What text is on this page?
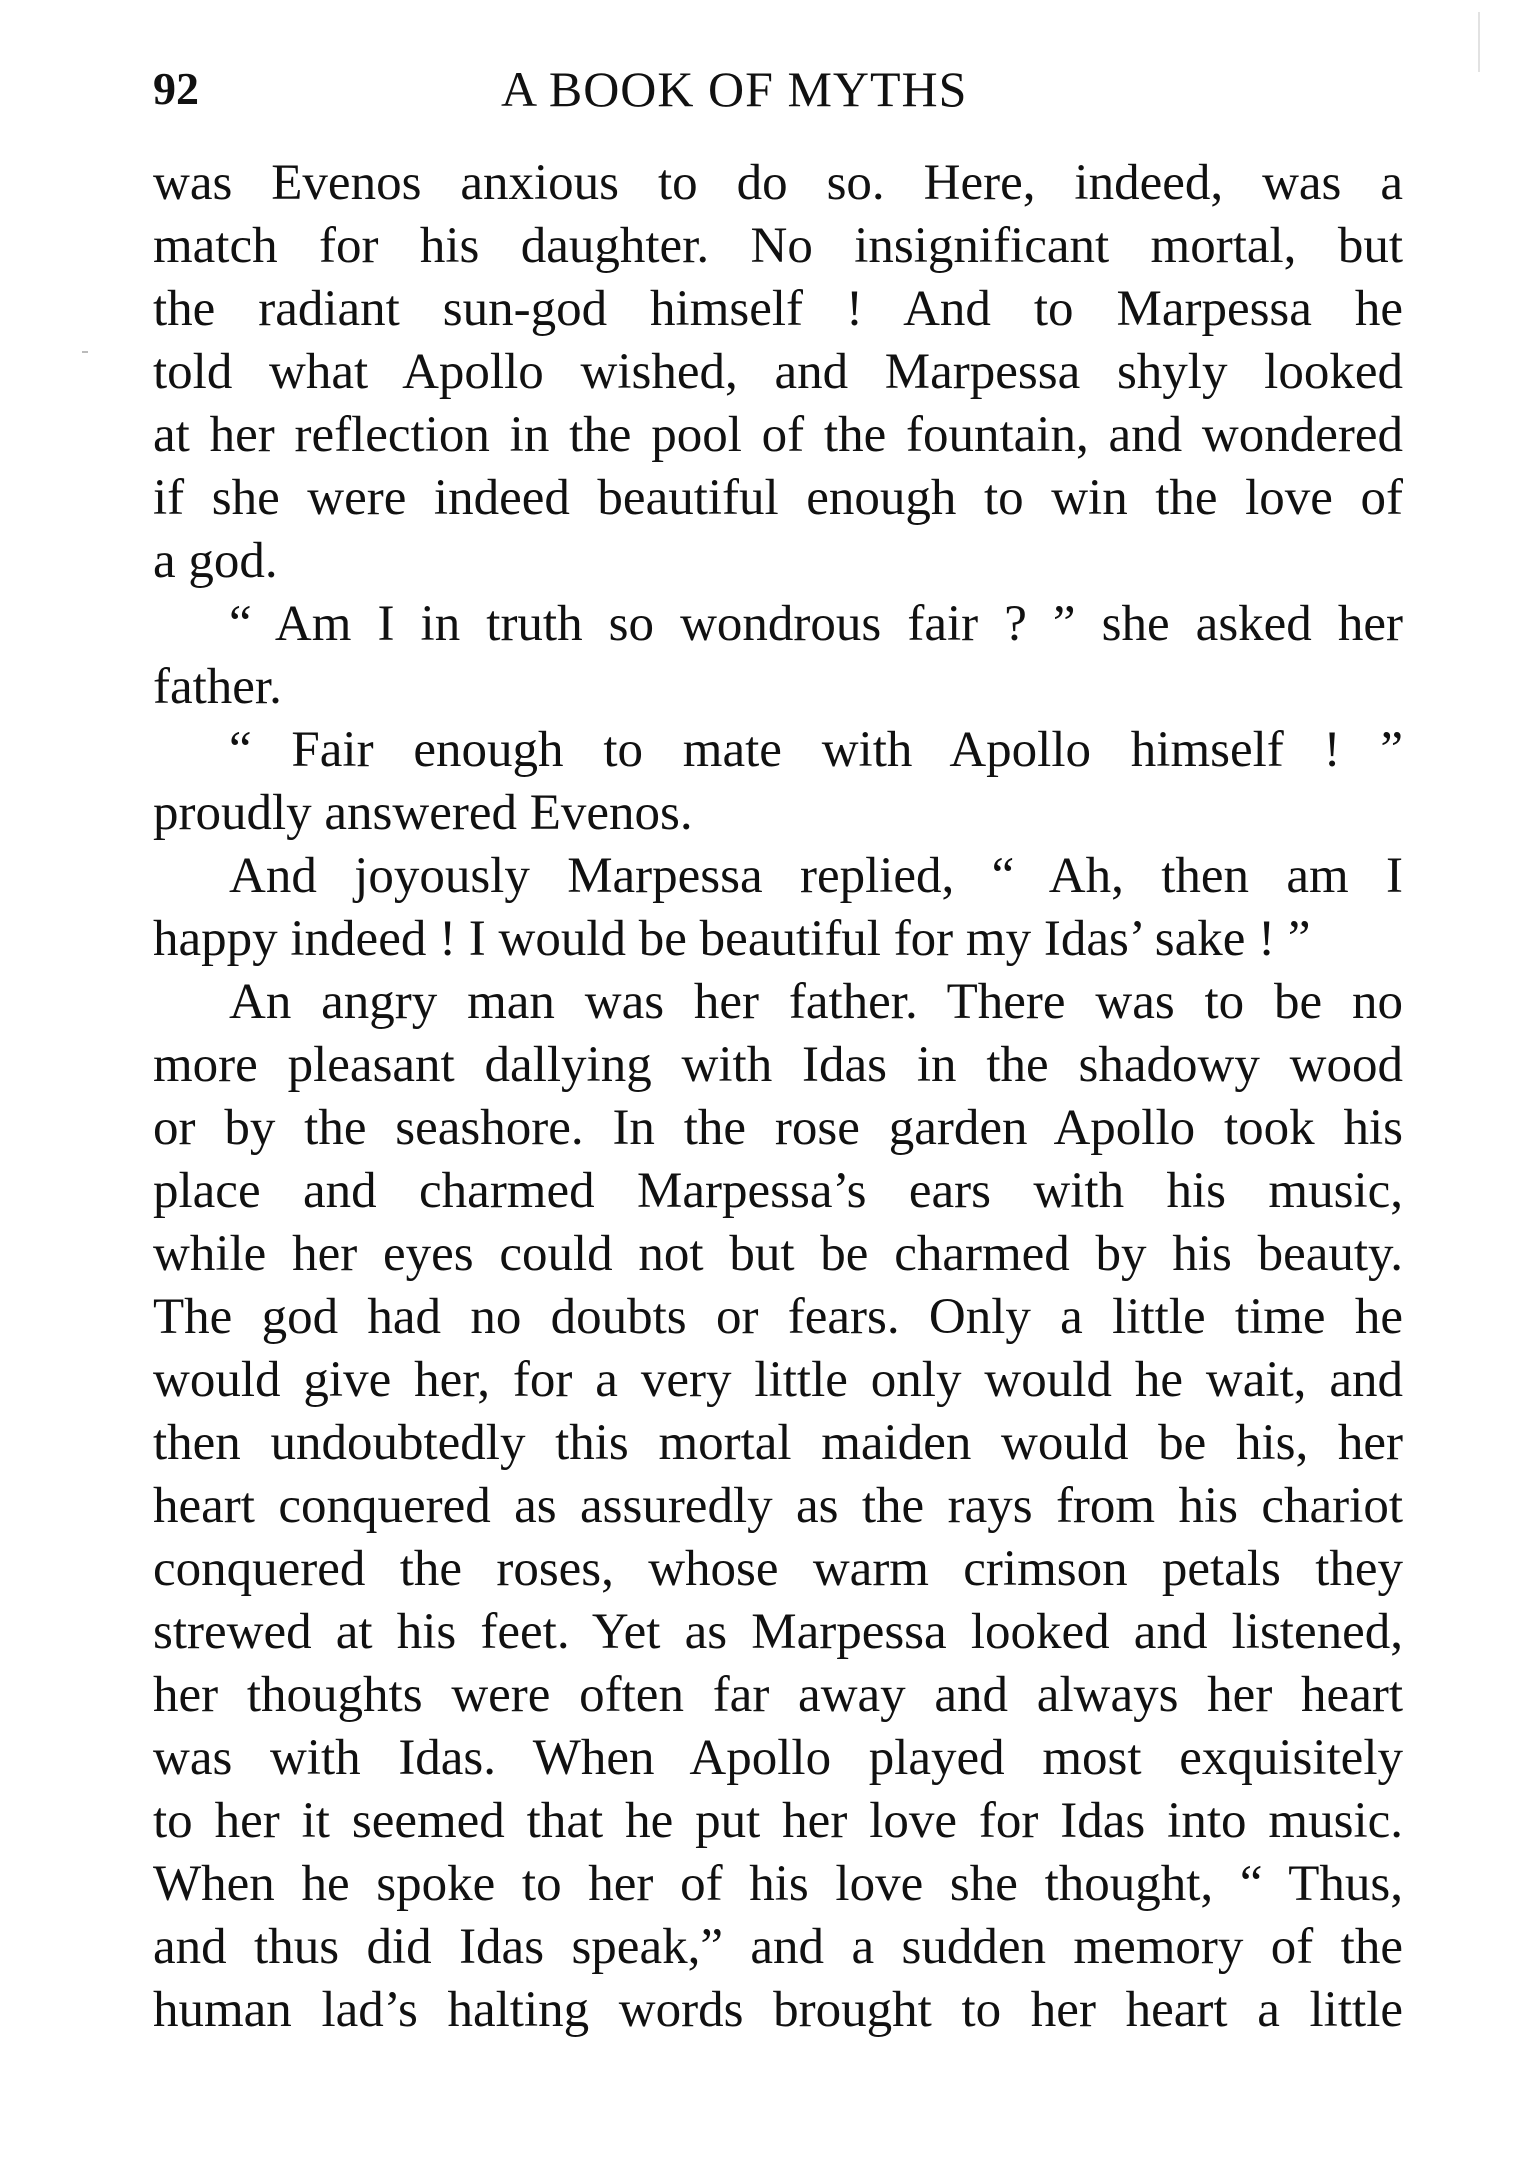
92	A BOOK OF MYTHS
was Evenos anxious to do so. Here, indeed, was a
match for his daughter. No insignificant mortal, but
the radiant sun-god himself ! And to Marpessa he
told what Apollo wished, and Marpessa shyly looked
at her reflection in the pool of the fountain, and wondered
if she were indeed beautiful enough to win the love of
a god.
“ Am I in truth so wondrous fair ? ” she asked her
father.
“ Fair enough to mate with Apollo himself ! ”
proudly answered Evenos.
And joyously Marpessa replied, “ Ah, then am I
happy indeed ! I would be beautiful for my Idas’ sake ! ”
An angry man was her father. There was to be no
more pleasant dallying with Idas in the shadowy wood
or by the seashore. In the rose garden Apollo took his
place and charmed Marpessa’s ears with his music,
while her eyes could not but be charmed by his beauty.
The god had no doubts or fears. Only a little time he
would give her, for a very little only would he wait, and
then undoubtedly this mortal maiden would be his, her
heart conquered as assuredly as the rays from his chariot
conquered the roses, whose warm crimson petals they
strewed at his feet. Yet as Marpessa looked and listened,
her thoughts were often far away and always her heart
was with Idas. When Apollo played most exquisitely
to her it seemed that he put her love for Idas into music.
When he spoke to her of his love she thought, “ Thus,
and thus did Idas speak,” and a sudden memory of the
human lad’s halting words brought to her heart a little
